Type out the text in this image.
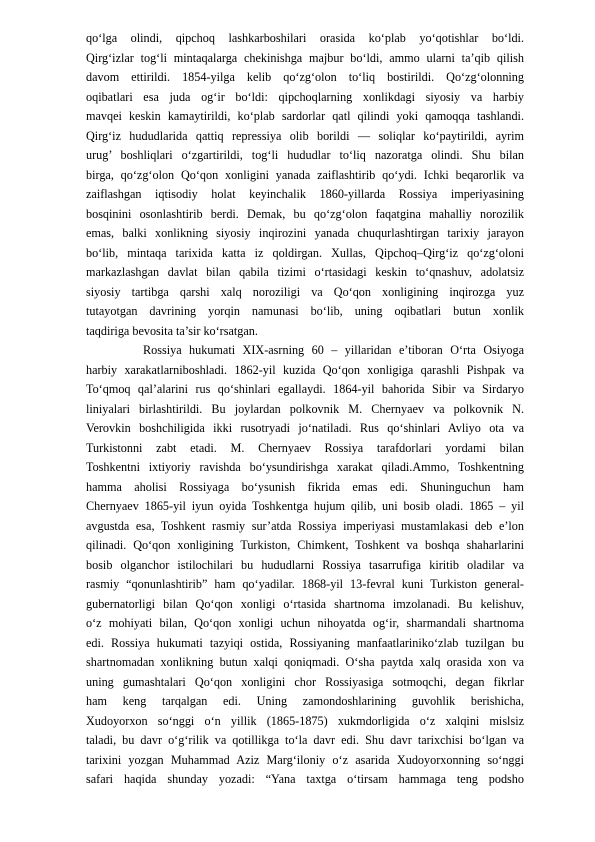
qo‘lga olindi, qipchoq lashkarboshilari orasida ko‘plab yo‘qotishlar bo‘ldi.
Qirg‘izlar tog‘li mintaqalarga chekinishga majbur bo‘ldi, ammo ularni ta’qib qilish
davom ettirildi. 1854-yilga kelib qo‘zg‘olon to‘liq bostirildi. Qo‘zg‘olonning
oqibatlari esa juda og‘ir bo‘ldi: qipchoqlarning xonlikdagi siyosiy va harbiy
mavqei keskin kamaytirildi, ko‘plab sardorlar qatl qilindi yoki qamoqqa tashlandi.
Qirg‘iz hududlarida qattiq repressiya olib borildi — soliqlar ko‘paytirildi, ayrim
urug’ boshliqlari o‘zgartirildi, tog‘li hududlar to‘liq nazoratga olindi. Shu bilan
birga, qo‘zg‘olon Qo‘qon xonligini yanada zaiflashtirib qo‘ydi. Ichki beqarorlik va
zaiflashgan iqtisodiy holat keyinchalik 1860-yillarda Rossiya imperiyasining
bosqinini osonlashtirib berdi. Demak, bu qo‘zg‘olon faqatgina mahalliy norozilik
emas, balki xonlikning siyosiy inqirozini yanada chuqurlashtirgan tarixiy jarayon
bo‘lib, mintaqa tarixida katta iz qoldirgan. Xullas, Qipchoq–Qirg‘iz qo‘zg‘oloni
markazlashgan davlat bilan qabila tizimi o‘rtasidagi keskin to‘qnashuv, adolatsiz
siyosiy tartibga qarshi xalq noroziligi va Qo‘qon xonligining inqirozga yuz
tutayotgan davrining yorqin namunasi bo‘lib, uning oqibatlari butun xonlik
taqdiriga bevosita ta’sir ko‘rsatgan.

Rossiya hukumati XIX-asrning 60 – yillaridan e’tiboran O‘rta Osiyoga
harbiy xarakatlarniboshladi. 1862-yil kuzida Qo‘qon xonligiga qarashli Pishpak va
To‘qmoq qal’alarini rus qo‘shinlari egallaydi. 1864-yil bahorida Sibir va Sirdaryo
liniyalari birlashtirildi. Bu joylardan polkovnik M. Chernyaev va polkovnik N.
Verovkin boshchiligida ikki rusotryadi jo‘natiladi. Rus qo‘shinlari Avliyo ota va
Turkistonni zabt etadi. M. Chernyaev Rossiya tarafdorlari yordami bilan
Toshkentni ixtiyoriy ravishda bo‘ysundirishga xarakat qiladi.Ammo, Toshkentning
hamma aholisi Rossiyaga bo‘ysunish fikrida emas edi. Shuninguchun ham
Chernyaev 1865-yil iyun oyida Toshkentga hujum qilib, uni bosib oladi. 1865 – yil
avgustda esa, Toshkent rasmiy sur’atda Rossiya imperiyasi mustamlakasi deb e’lon
qilinadi. Qo‘qon xonligining Turkiston, Chimkent, Toshkent va boshqa shaharlarini
bosib olganchor istilochilari bu hududlarni Rossiya tasarrufiga kiritib oladilar va
rasmiy “qonunlashtirib” ham qo‘yadilar. 1868-yil 13-fevral kuni Turkiston general-
gubernatorligi bilan Qo‘qon xonligi o‘rtasida shartnoma imzolanadi. Bu kelishuv,
o‘z mohiyati bilan, Qo‘qon xonligi uchun nihoyatda og‘ir, sharmandali shartnoma
edi. Rossiya hukumati tazyiqi ostida, Rossiyaning manfaatlarinikо‘zlab tuzilgan bu
shartnomadan xonlikning butun xalqi qoniqmadi. O‘sha paytda xalq orasida xon va
uning gumashtalari Qo‘qon xonligini chor Rossiyasiga sotmoqchi, degan fikrlar
ham keng tarqalgan edi. Uning zamondoshlarining guvohlik berishicha,
Xudoyorxon so‘nggi o‘n yillik (1865-1875) xukmdorligida o‘z xalqini mislsiz
taladi, bu davr o‘g‘rilik va qotillikga to‘la davr edi. Shu davr tarixchisi bo‘lgan va
tarixini yozgan Muhammad Aziz Marg‘iloniy o‘z asarida Xudoyorxonning so‘nggi
safari haqida shunday yozadi: “Yana taxtga o‘tirsam hammaga teng podsho
